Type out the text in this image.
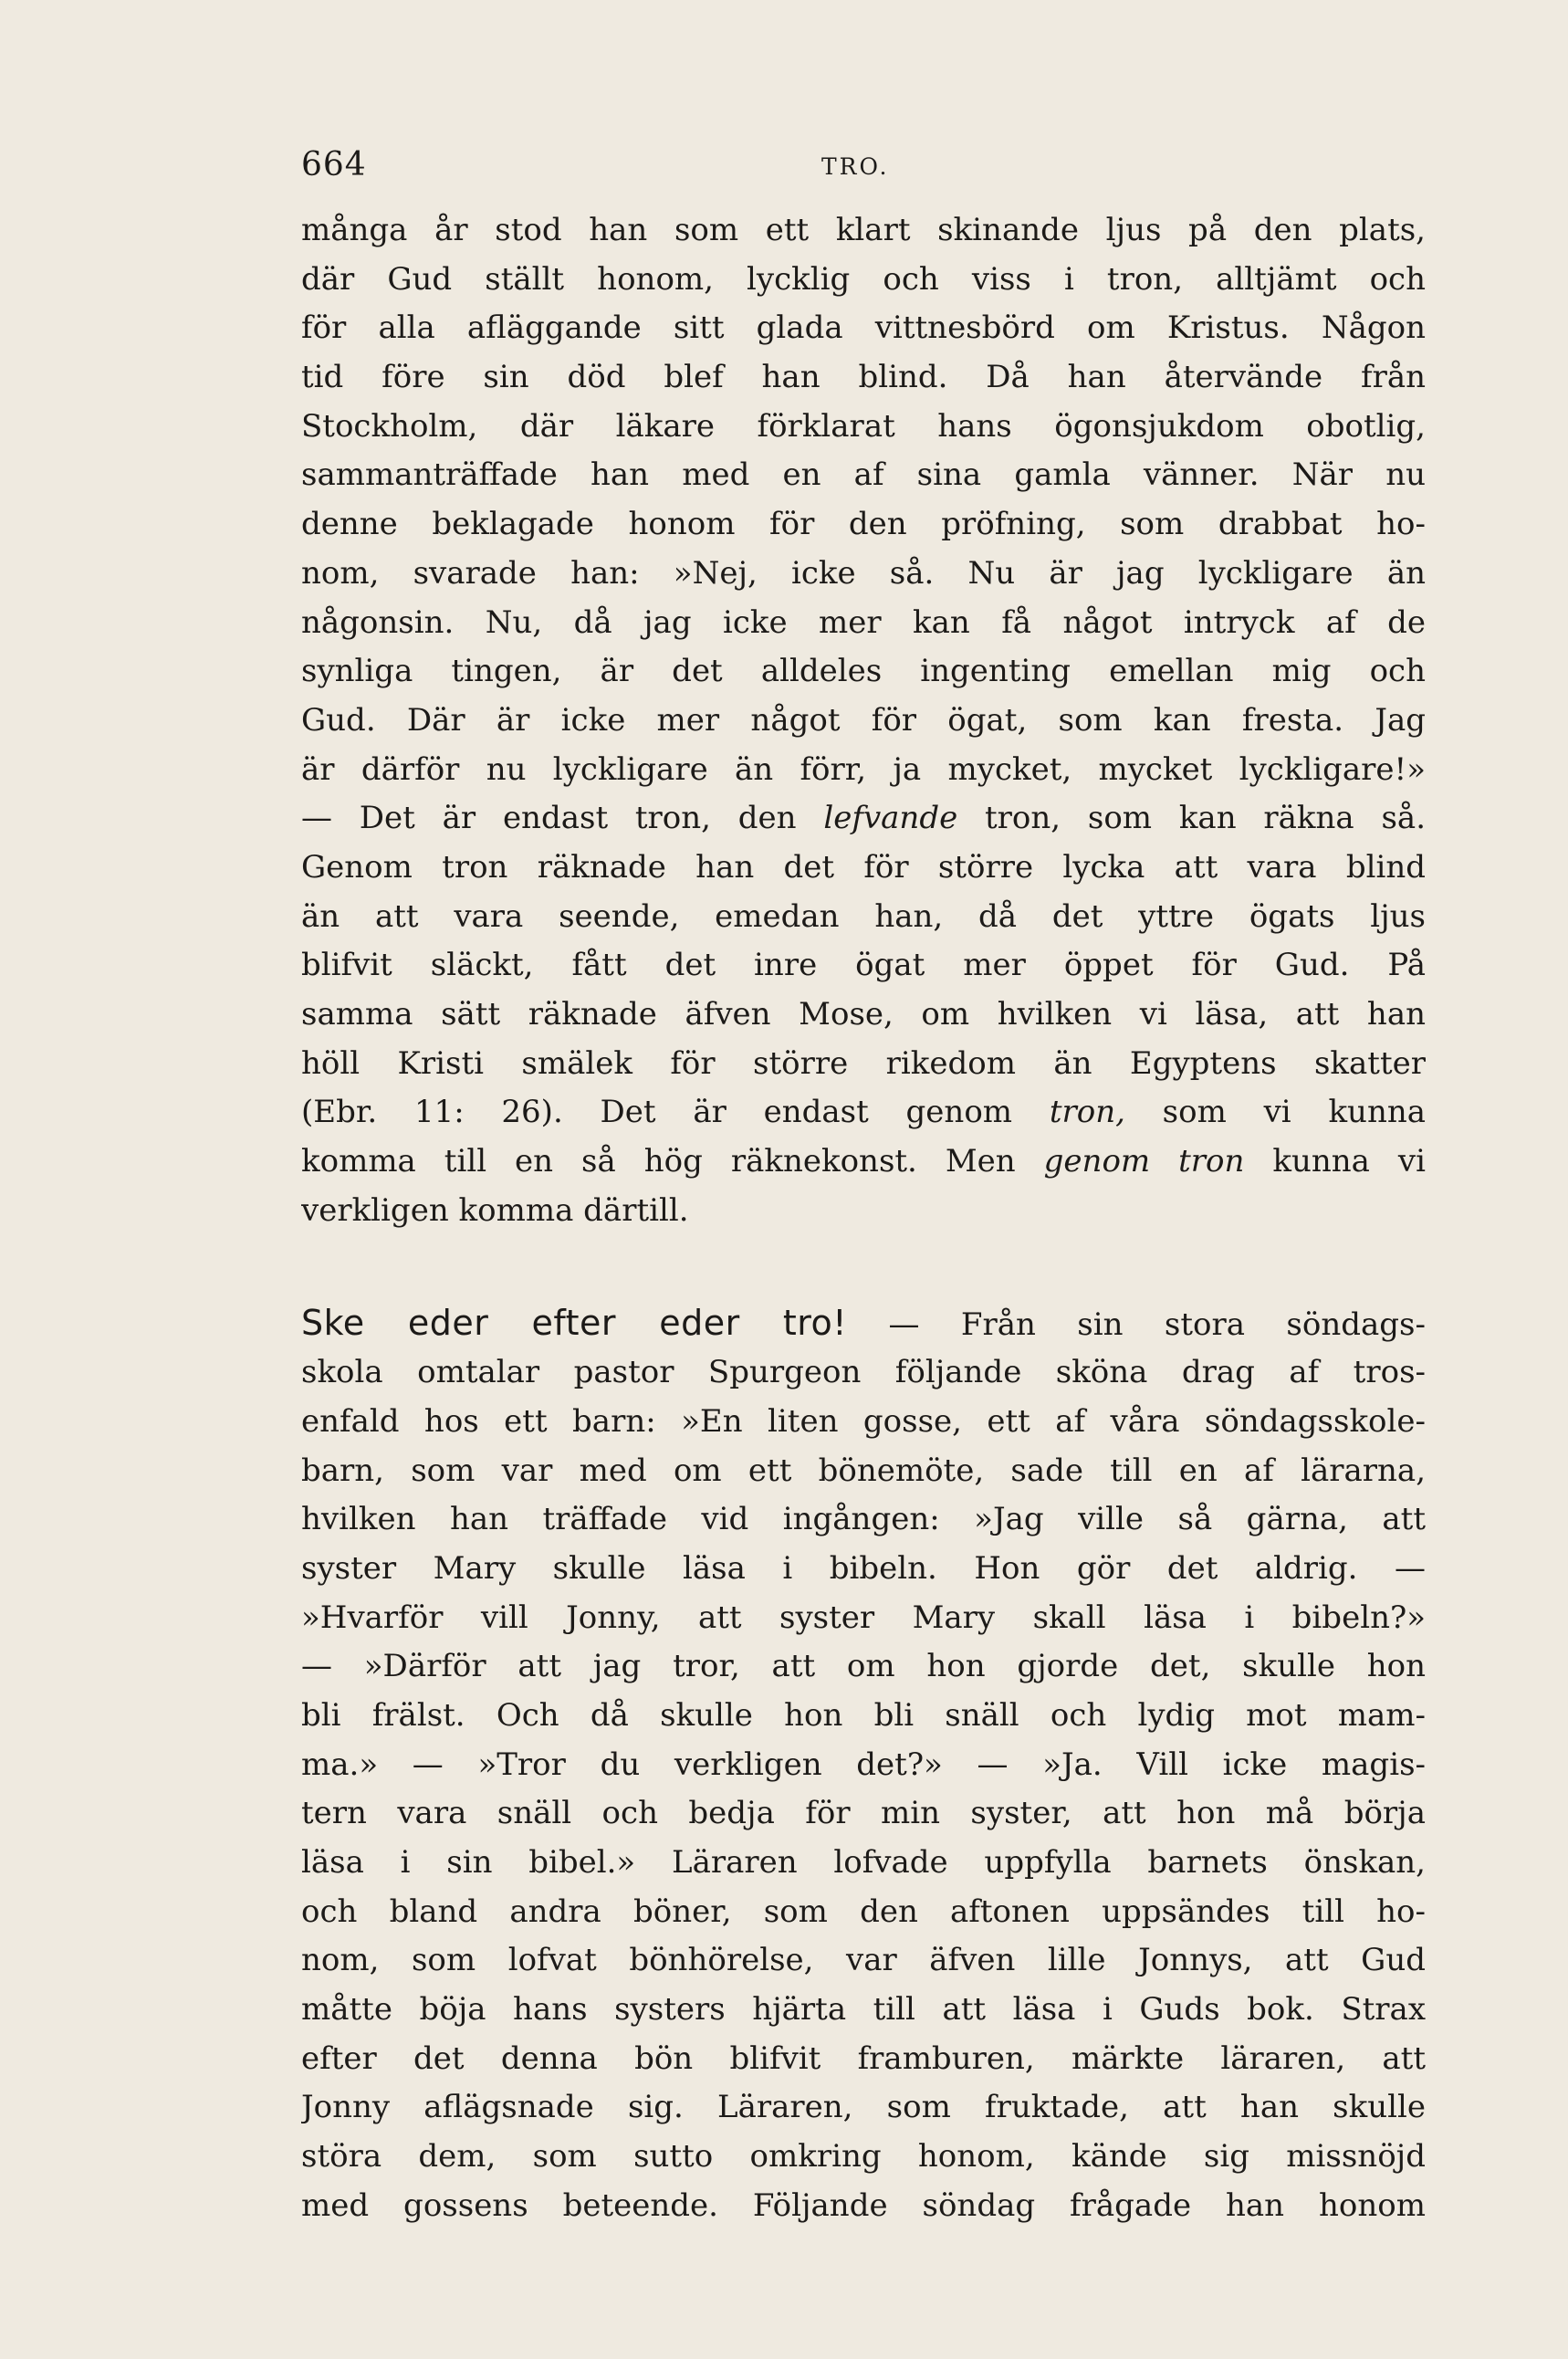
664	TRO.
många år stod han som ett klart skinande ljus på den plats,
där Gud ställt honom, lycklig och viss i tron, alltjämt och
för alla afläggande sitt glada vittnesbörd om Kristus. Någon
tid före sin död blef han blind. Då han återvände från
Stockholm, där läkare förklarat hans ögonsjukdom obotlig,
sammanträffade han med en af sina gamla vänner. När nu
denne beklagade honom för den pröfning, som drabbat ho-
nom, svarade han: »Nej, icke så. Nu är jag lyckligare än
någonsin. Nu, då jag icke mer kan få något intryck af de
synliga tingen, är det alldeles ingenting emellan mig och
Gud. Där är icke mer något för ögat, som kan fresta. Jag
är därför nu lyckligare än förr, ja mycket, mycket lyckligare!»
— Det är endast tron, den lefvande tron, som kan räkna så.
Genom tron räknade han det för större lycka att vara blind
än att vara seende, emedan han, då det yttre ögats ljus
blifvit släckt, fått det inre ögat mer öppet för Gud. På
samma sätt räknade äfven Mose, om hvilken vi läsa, att han
höll Kristi smälek för större rikedom än Egyptens skatter
(Ebr. 11: 26). Det är endast genom tron, som vi kunna
komma till en så hög räknekonst. Men genom tron kunna vi
verkligen komma därtill.
Ske eder efter eder tro! — Från sin stora söndags-
skola omtalar pastor Spurgeon följande sköna drag af tros-
enfald hos ett barn: »En liten gosse, ett af våra söndagsskole-
barn, som var med om ett bönemöte, sade till en af lärarna,
hvilken han träffade vid ingången: »Jag ville så gärna, att
syster Mary skulle läsa i bibeln. Hon gör det aldrig. —
»Hvarför vill Jonny, att syster Mary skall läsa i bibeln?»
— »Därför att jag tror, att om hon gjorde det, skulle hon
bli frälst. Och då skulle hon bli snäll och lydig mot mam-
ma.» — »Tror du verkligen det?» — »Ja. Vill icke magis-
tern vara snäll och bedja för min syster, att hon må börja
läsa i sin bibel.» Läraren lofvade uppfylla barnets önskan,
och bland andra böner, som den aftonen uppsändes till ho-
nom, som lofvat bönhörelse, var äfven lille Jonnys, att Gud
måtte böja hans systers hjärta till att läsa i Guds bok. Strax
efter det denna bön blifvit framburen, märkte läraren, att
Jonny aflägsnade sig. Läraren, som fruktade, att han skulle
störa dem, som sutto omkring honom, kände sig missnöjd
med gossens beteende. Följande söndag frågade han honom
